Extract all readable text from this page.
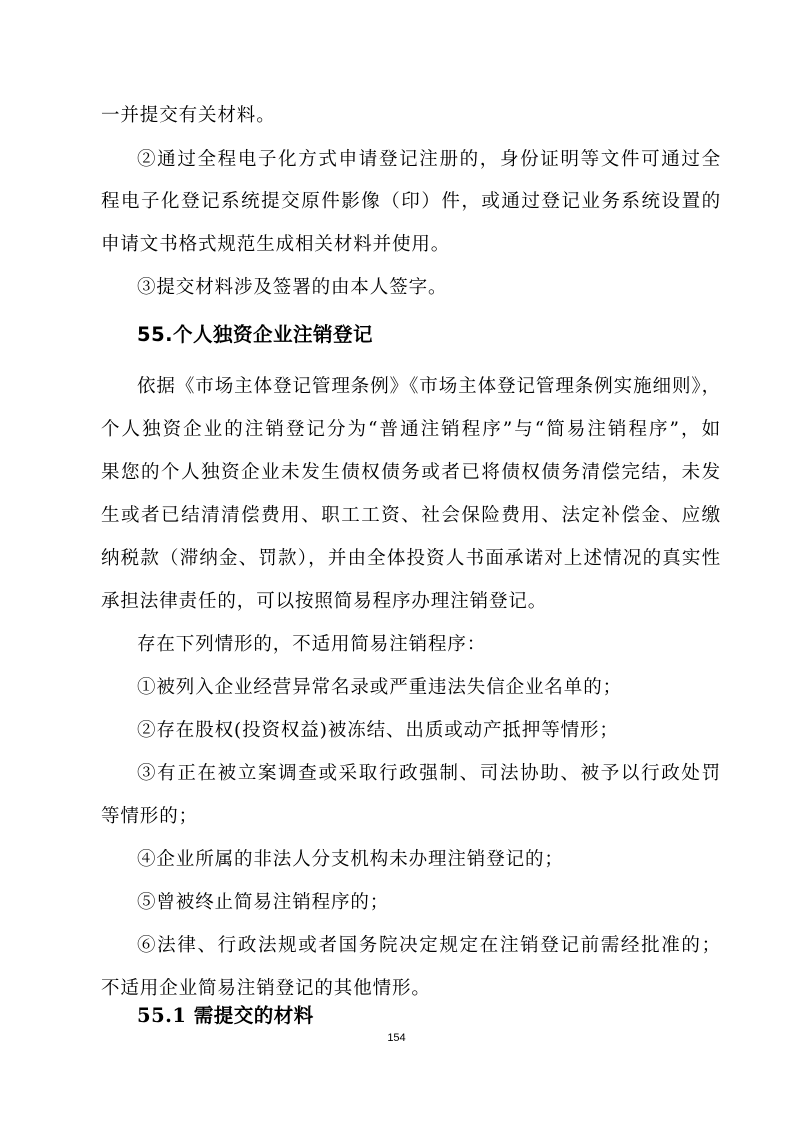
一并提交有关材料。
②通过全程电子化方式申请登记注册的，身份证明等文件可通过全
程电子化登记系统提交原件影像（印）件，或通过登记业务系统设置的
申请文书格式规范生成相关材料并使用。
③提交材料涉及签署的由本人签字。
55.个人独资企业注销登记
依据《市场主体登记管理条例》《市场主体登记管理条例实施细则》，
个人独资企业的注销登记分为“普通注销程序”与“简易注销程序”，如
果您的个人独资企业未发生债权债务或者已将债权债务清偿完结，未发
生或者已结清清偿费用、职工工资、社会保险费用、法定补偿金、应缴
纳税款（滞纳金、罚款），并由全体投资人书面承诺对上述情况的真实性
承担法律责任的，可以按照简易程序办理注销登记。
存在下列情形的，不适用简易注销程序：
①被列入企业经营异常名录或严重违法失信企业名单的；
②存在股权(投资权益)被冻结、出质或动产抵押等情形；
③有正在被立案调查或采取行政强制、司法协助、被予以行政处罚
等情形的；
④企业所属的非法人分支机构未办理注销登记的；
⑤曾被终止简易注销程序的；
⑥法律、行政法规或者国务院决定规定在注销登记前需经批准的；
不适用企业简易注销登记的其他情形。
55.1 需提交的材料
154
